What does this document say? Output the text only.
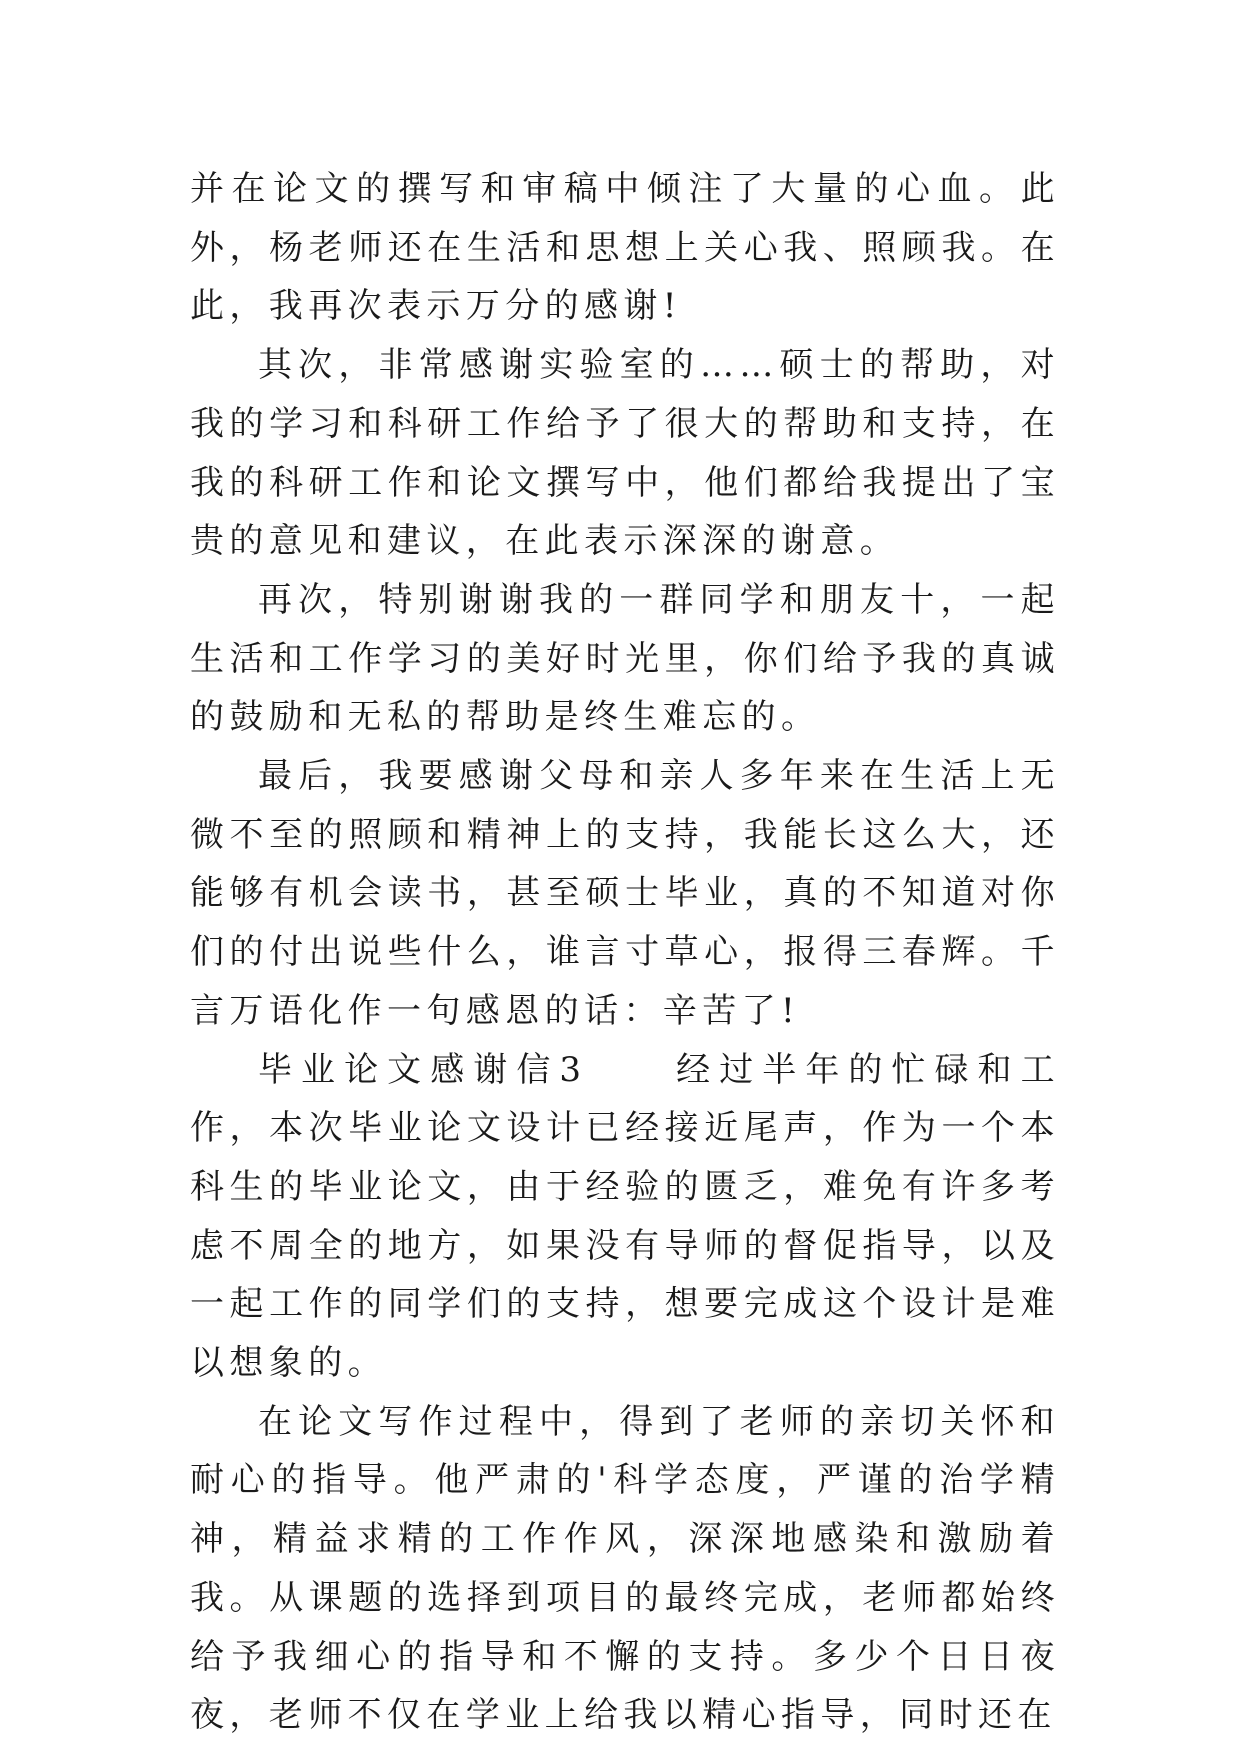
并在论文的撰写和审稿中倾注了大量的心血。此外，杨老师还在生活和思想上关心我、照顾我。在此，我再次表示万分的感谢!

其次，非常感谢实验室的……硕士的帮助，对我的学习和科研工作给予了很大的帮助和支持，在我的科研工作和论文撰写中，他们都给我提出了宝贵的意见和建议，在此表示深深的谢意。

再次，特别谢谢我的一群同学和朋友十，一起生活和工作学习的美好时光里，你们给予我的真诚的鼓励和无私的帮助是终生难忘的。

最后，我要感谢父母和亲人多年来在生活上无微不至的照顾和精神上的支持，我能长这么大，还能够有机会读书，甚至硕士毕业，真的不知道对你们的付出说些什么，谁言寸草心，报得三春辉。千言万语化作一句感恩的话：辛苦了!

毕业论文感谢信3　　经过半年的忙碌和工作，本次毕业论文设计已经接近尾声，作为一个本科生的毕业论文，由于经验的匮乏，难免有许多考虑不周全的地方，如果没有导师的督促指导，以及一起工作的同学们的支持，想要完成这个设计是难以想象的。

在论文写作过程中，得到了老师的亲切关怀和耐心的指导。他严肃的'科学态度，严谨的治学精神，精益求精的工作作风，深深地感染和激励着我。从课题的选择到项目的最终完成，老师都始终给予我细心的指导和不懈的支持。多少个日日夜夜，老师不仅在学业上给我以精心指导，同时还在
